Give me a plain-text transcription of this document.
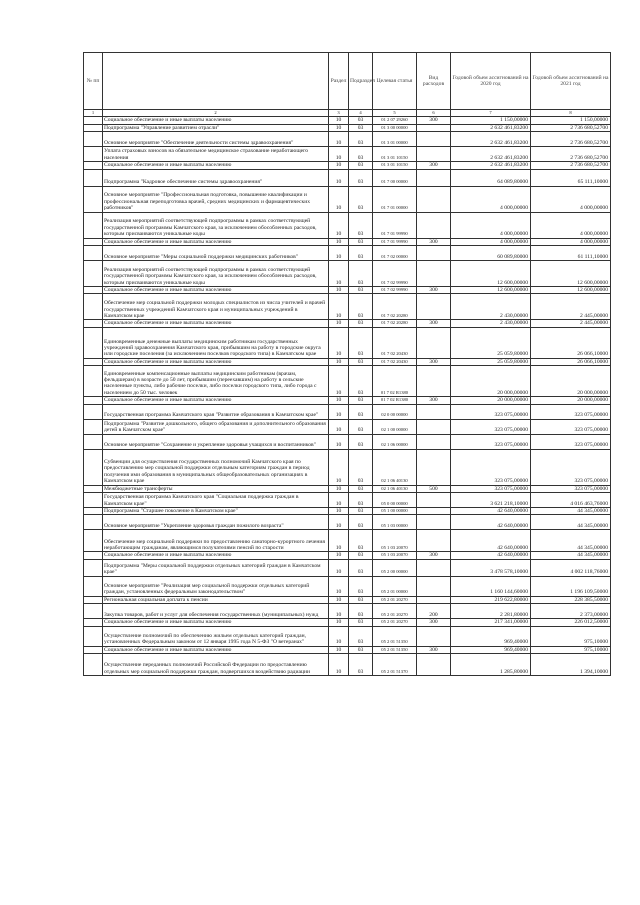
№ пп		Раздел	Подраздел	Целевая статья	Вид расходов	Годовой объем ассигнований на 2020 год	Годовой объем ассигнований на 2021 год
1	2	3	4	5	6	7	8
	Социальное обеспечение и иные выплаты населению	10	03	01 2 07 29260	300	1 150,00000	1 150,00000
	Подпрограмма "Управление развитием отрасли"	10	03	01 3 00 00000		2 632 461,83200	2 736 680,52700
	Основное мероприятие "Обеспечение деятельности системы здравоохранения"	10	03	01 3 01 00000		2 632 461,83200	2 736 680,52700
	Уплата страховых взносов на обязательное медицинское страхование неработающего населения	10	03	01 3 01 10150		2 632 461,83200	2 736 680,52700
	Социальное обеспечение и иные выплаты населению	10	03	01 3 01 10150	300	2 632 461,83200	2 736 680,52700
	Подпрограмма "Кадровое обеспечение системы здравоохранения"	10	03	01 7 00 00000		64 089,80000	65 111,10000
	Основное мероприятие "Профессиональная подготовка, повышение квалификации и профессиональная переподготовка врачей, средних медицинских и фармацевтических работников"	10	03	01 7 01 00000		4 000,00000	4 000,00000
	Реализация мероприятий соответствующей подпрограммы в рамках соответствующей государственной программы Камчатского края, за исключением обособленных расходов, которым присваиваются уникальные коды	10	03	01 7 01 99990		4 000,00000	4 000,00000
	Социальное обеспечение и иные выплаты населению	10	03	01 7 01 99990	300	4 000,00000	4 000,00000
	Основное мероприятие "Меры социальной поддержки медицинских работников"	10	03	01 7 02 00000		60 089,80000	61 111,10000
	Реализация мероприятий соответствующей подпрограммы в рамках соответствующей государственной программы Камчатского края, за исключением обособленных расходов, которым присваиваются уникальные коды	10	03	01 7 02 99990		12 600,00000	12 600,00000
	Социальное обеспечение и иные выплаты населению	10	03	01 7 02 99990	300	12 600,00000	12 600,00000
	Обеспечение мер социальной поддержки молодых специалистов из числа учителей и врачей государственных учреждений Камчатского края и муниципальных учреждений в Камчатском крае	10	03	01 7 02 20280		2 430,00000	2 445,00000
	Социальное обеспечение и иные выплаты населению	10	03	01 7 02 20280	300	2 430,00000	2 445,00000
	Единовременные денежные выплаты медицинским работникам государственных учреждений здравоохранения Камчатского края, прибывшим на работу в городские округа или городские поселения (за исключением поселков городского типа) в Камчатском крае	10	03	01 7 02 20430		25 059,80000	26 066,10000
	Социальное обеспечение и иные выплаты населению	10	03	01 7 02 20430	300	25 059,80000	26 066,10000
	Единовременные компенсационные выплаты медицинским работникам (врачам, фельдшерам) в возрасте до 50 лет, прибывшим (переехавшим) на работу в сельские населенные пункты, либо рабочие поселки, либо поселки городского типа, либо города с населением до 50 тыс. человек	10	03	01 7 02 R1380		20 000,00000	20 000,00000
	Социальное обеспечение и иные выплаты населению	10	03	01 7 02 R1380	300	20 000,00000	20 000,00000
	Государственная программа Камчатского края "Развитие образования в Камчатском крае"	10	03	02 0 00 00000		323 075,00000	323 075,00000
	Подпрограмма "Развитие дошкольного, общего образования и дополнительного образования детей в Камчатском крае"	10	03	02 1 00 00000		323 075,00000	323 075,00000
	Основное мероприятие "Сохранение и укрепление здоровья учащихся и воспитанников"	10	03	02 1 06 00000		323 075,00000	323 075,00000
	Субвенции для осуществления государственных полномочий Камчатского края по предоставлению мер социальной поддержки отдельным категориям граждан в период получения ими образования в муниципальных общеобразовательных организациях в Камчатском крае	10	03	02 1 06 40130		323 075,00000	323 075,00000
	Межбюджетные трансферты	10	03	02 1 06 40130	500	323 075,00000	323 075,00000
	Государственная программа Камчатского края "Социальная поддержка граждан в Камчатском крае"	10	03	05 0 00 00000		3 621 218,10000	4 016 463,76000
	Подпрограмма "Старшее поколение в Камчатском крае"	10	03	05 1 00 00000		42 640,00000	44 345,00000
	Основное мероприятие "Укрепление здоровья граждан пожилого возраста"	10	03	05 1 03 00000		42 640,00000	44 345,00000
	Обеспечение мер социальной поддержки по предоставлению санаторно-курортного лечения неработающим гражданам, являющимся получателями пенсий по старости	10	03	05 1 03 20070		42 640,00000	44 345,00000
	Социальное обеспечение и иные выплаты населению	10	03	05 1 03 20070	300	42 640,00000	44 345,00000
	Подпрограмма "Меры социальной поддержки отдельных категорий граждан в Камчатском крае"	10	03	05 2 00 00000		3 478 578,10000	4 002 118,76000
	Основное мероприятие "Реализация мер социальной поддержки отдельных категорий граждан, установленных федеральным законодательством"	10	03	05 2 01 00000		1 160 144,60000	1 196 109,50000
	Региональная социальная доплата к пенсии	10	03	05 2 01 20270		219 622,80000	228 385,50000
	Закупка товаров, работ и услуг для обеспечения государственных (муниципальных) нужд	10	03	05 2 01 20270	200	2 281,80000	2 373,00000
	Социальное обеспечение и иные выплаты населению	10	03	05 2 01 20270	300	217 341,00000	226 012,50000
	Осуществление полномочий по обеспечению жильем отдельных категорий граждан, установленных Федеральным законом от 12 января 1995 года N 5-ФЗ "О ветеранах"	10	03	05 2 01 51350		969,40000	975,10000
	Социальное обеспечение и иные выплаты населению	10	03	05 2 01 51350	300	969,40000	975,10000
	Осуществление переданных полномочий Российской Федерации по предоставлению отдельных мер социальной поддержки граждан, подвергшихся воздействию радиации	10	03	05 2 01 51370		1 285,80000	1 394,10000
